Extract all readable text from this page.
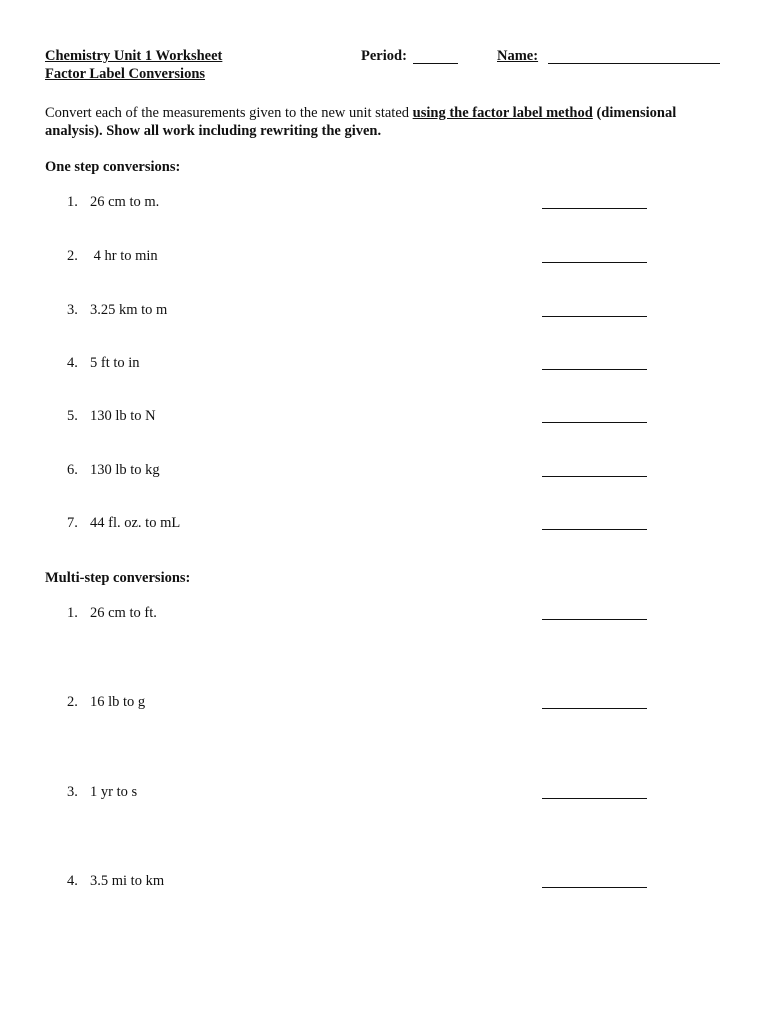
Chemistry Unit 1 Worksheet
Factor Label Conversions
Period:	Name:
Convert each of the measurements given to the new unit stated using the factor label method (dimensional analysis). Show all work including rewriting the given.
One step conversions:
1. 26 cm to m.
2. 4 hr to min
3. 3.25 km to m
4. 5 ft to in
5. 130 lb to N
6. 130 lb to kg
7. 44 fl. oz. to mL
Multi-step conversions:
1. 26 cm to ft.
2. 16 lb to g
3. 1 yr to s
4. 3.5 mi to km
